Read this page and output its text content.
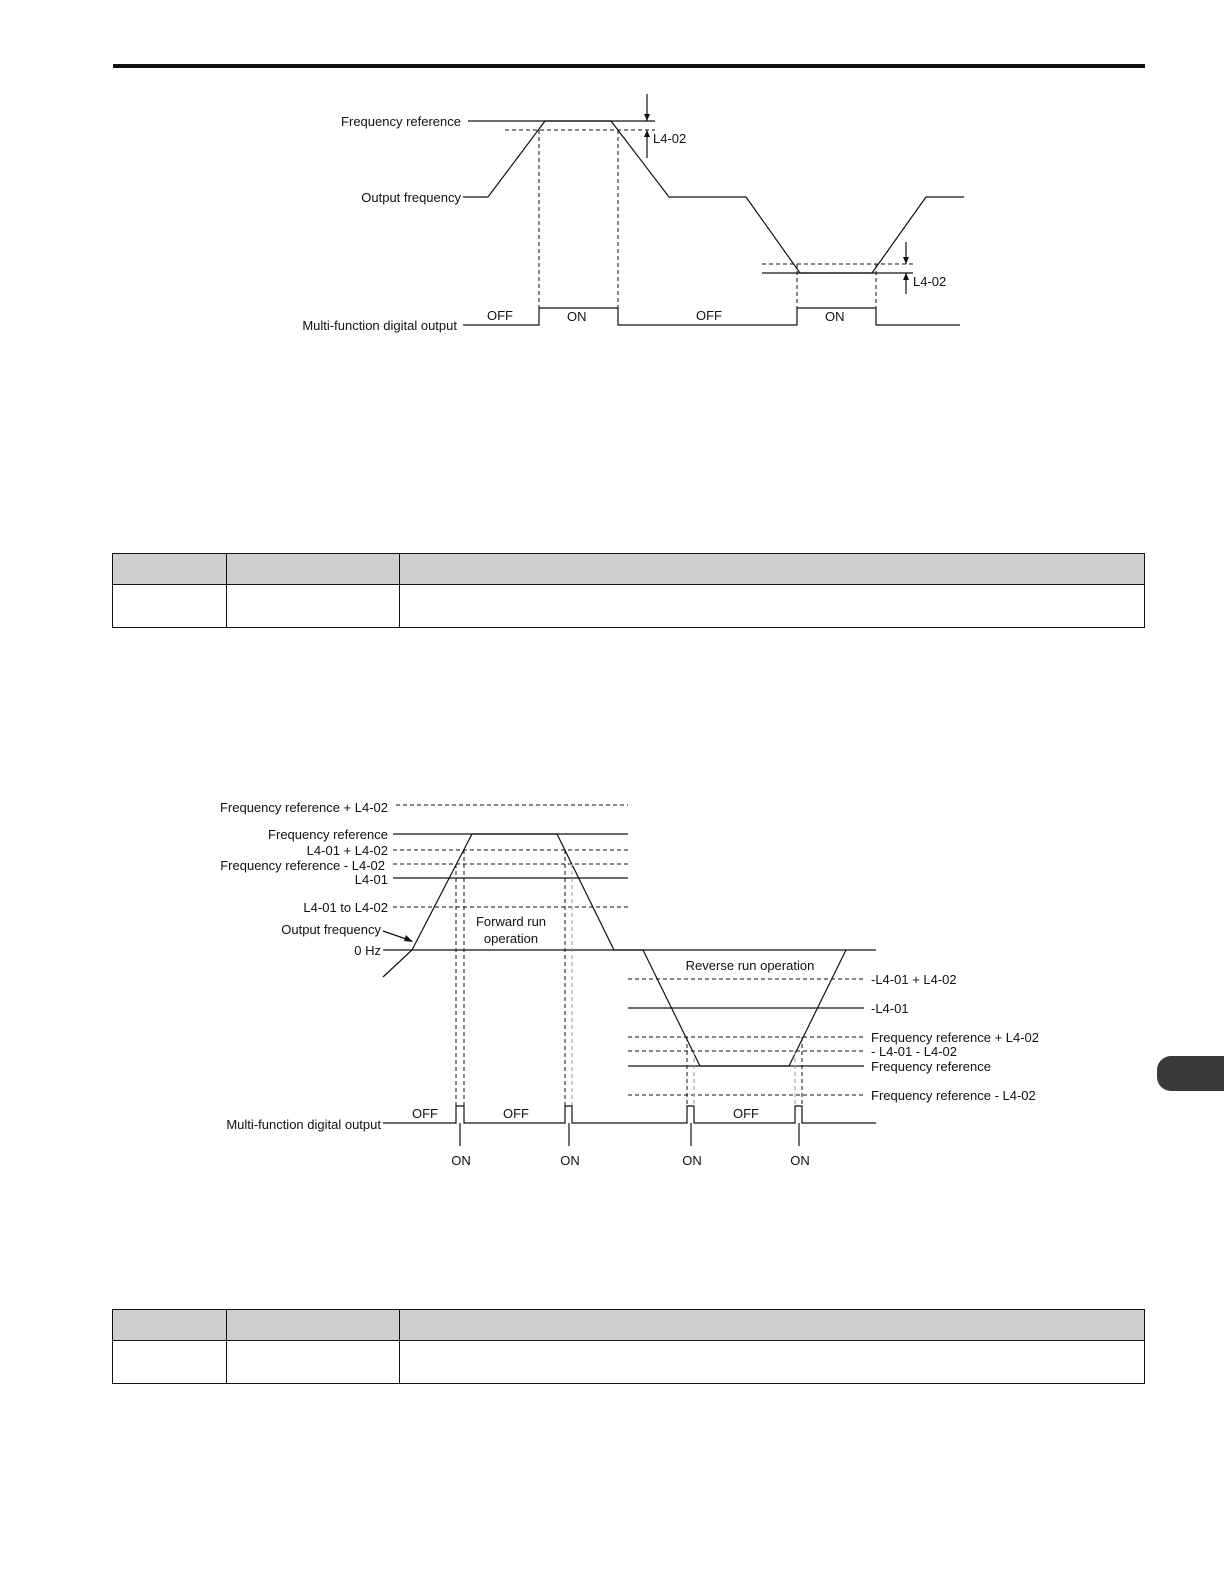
Frequency reference
L4-02
Output frequency
L4-02
Multi-function digital output
OFF	ON	OFF	ON

Frequency reference + L4-02
Frequency reference
L4-01 + L4-02
Frequency reference - L4-02
L4-01
L4-01 to L4-02
Output frequency
0 Hz
Forward run
operation
Reverse run operation
-L4-01 + L4-02
-L4-01
Frequency reference + L4-02
- L4-01 - L4-02
Frequency reference
Frequency reference - L4-02
Multi-function digital output
OFF	OFF	OFF
ON	ON	ON	ON
